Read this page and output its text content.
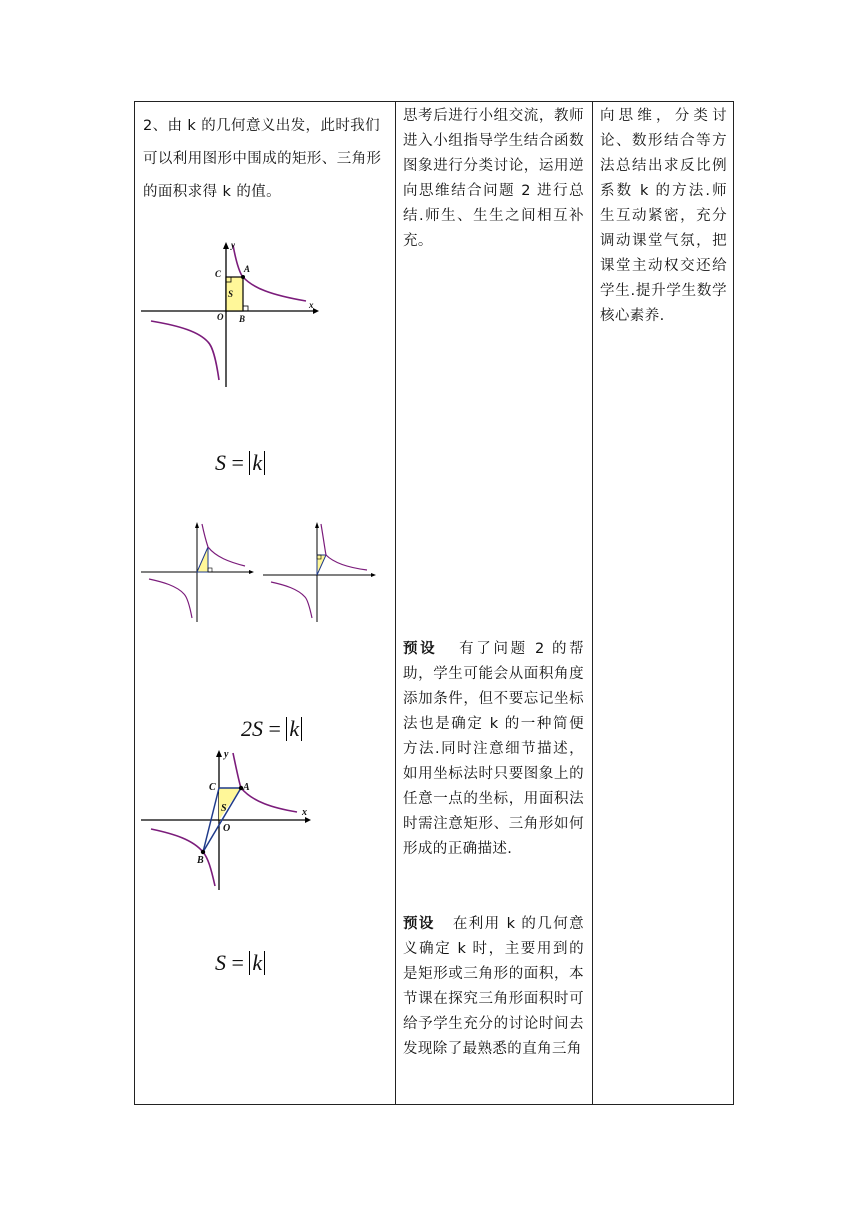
2、由 k 的几何意义出发，此时我们可以利用图形中围成的矩形、三角形的面积求得 k 的值。

y
x
C	A
S
O B

S = k

2S = k

y
x
C	A
S
O
B

S = k

思考后进行小组交流，教师进入小组指导学生结合函数图象进行分类讨论，运用逆向思维结合问题 2 进行总结.师生、生生之间相互补充。

预设 有了问题 2 的帮助，学生可能会从面积角度添加条件，但不要忘记坐标法也是确定 k 的一种简便方法.同时注意细节描述，如用坐标法时只要图象上的任意一点的坐标，用面积法时需注意矩形、三角形如何形成的正确描述.

预设 在利用 k 的几何意义确定 k 时，主要用到的是矩形或三角形的面积，本节课在探究三角形面积时可给予学生充分的讨论时间去发现除了最熟悉的直角三角

向思维，分类讨论、数形结合等方法总结出求反比例系数 k 的方法.师生互动紧密，充分调动课堂气氛，把课堂主动权交还给学生.提升学生数学核心素养.
